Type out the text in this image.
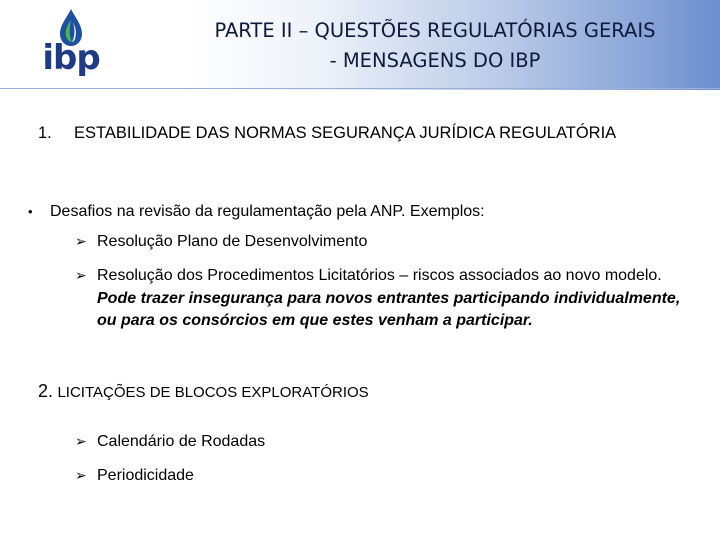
ibp
PARTE II – QUESTÕES REGULATÓRIAS GERAIS
- MENSAGENS DO IBP
1. ESTABILIDADE DAS NORMAS SEGURANÇA JURÍDICA REGULATÓRIA
• Desafios na revisão da regulamentação pela ANP. Exemplos:
➢ Resolução Plano de Desenvolvimento
➢ Resolução dos Procedimentos Licitatórios – riscos associados ao novo modelo. Pode trazer insegurança para novos entrantes participando individualmente, ou para os consórcios em que estes venham a participar.
2. LICITAÇÕES DE BLOCOS EXPLORATÓRIOS
➢ Calendário de Rodadas
➢ Periodicidade
